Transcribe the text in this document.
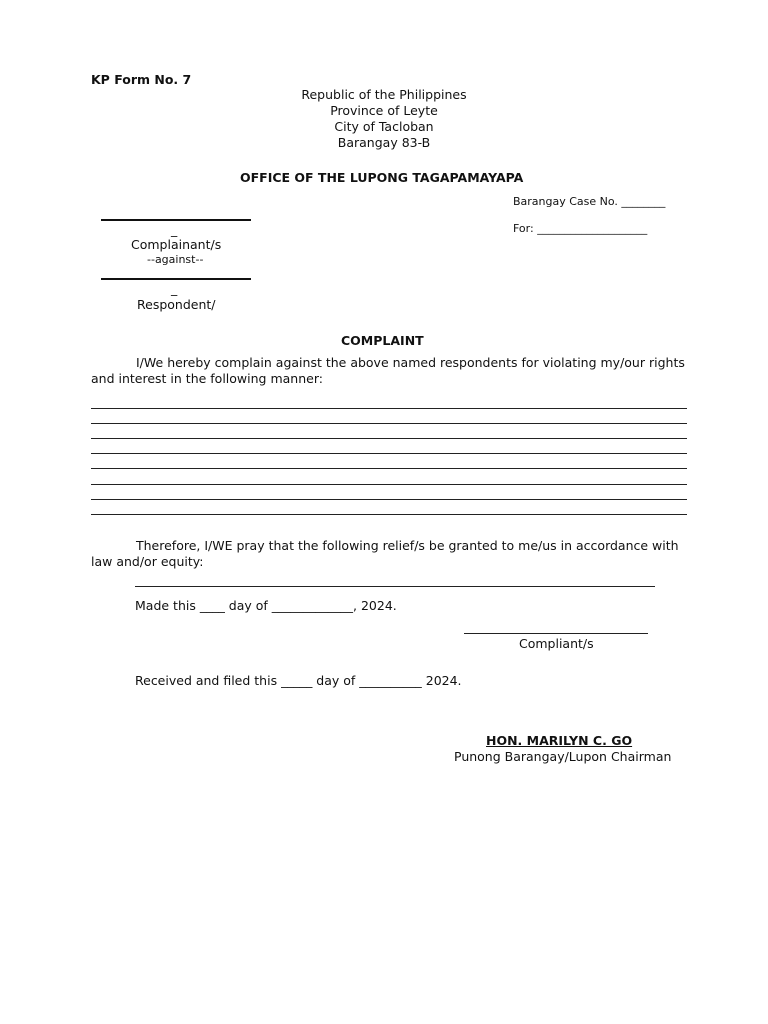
KP Form No. 7
Republic of the Philippines
Province of Leyte
City of Tacloban
Barangay 83-B
OFFICE OF THE LUPONG TAGAPAMAYAPA
Barangay Case No. ________
For: ____________________
_
Complainant/s
--against--
_
Respondent/
COMPLAINT
I/We hereby complain against the above named respondents for violating my/our rights
and interest in the following manner:
Therefore, I/WE pray that the following relief/s be granted to me/us in accordance with
law and/or equity:
Made this ____ day of _____________, 2024.
Compliant/s
Received and filed this _____ day of __________ 2024.
HON. MARILYN C. GO
Punong Barangay/Lupon Chairman
